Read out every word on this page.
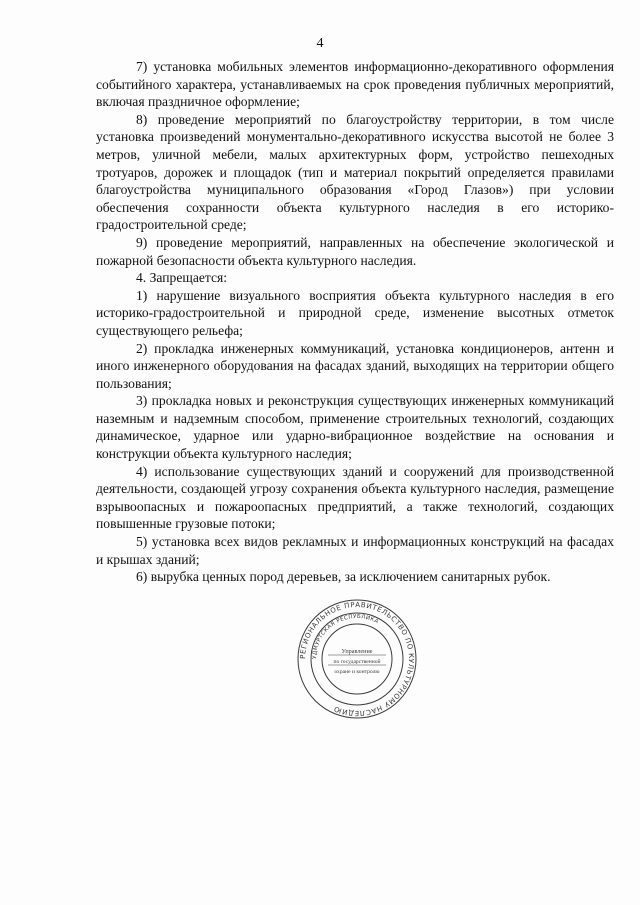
4

7) установка мобильных элементов информационно-декоративного оформления событийного характера, устанавливаемых на срок проведения публичных мероприятий, включая праздничное оформление;

8) проведение мероприятий по благоустройству территории, в том числе установка произведений монументально-декоративного искусства высотой не более 3 метров, уличной мебели, малых архитектурных форм, устройство пешеходных тротуаров, дорожек и площадок (тип и материал покрытий определяется правилами благоустройства муниципального образования «Город Глазов») при условии обеспечения сохранности объекта культурного наследия в его историко-градостроительной среде;

9) проведение мероприятий, направленных на обеспечение экологической и пожарной безопасности объекта культурного наследия.

4. Запрещается:

1) нарушение визуального восприятия объекта культурного наследия в его историко-градостроительной и природной среде, изменение высотных отметок существующего рельефа;

2) прокладка инженерных коммуникаций, установка кондиционеров, антенн и иного инженерного оборудования на фасадах зданий, выходящих на территории общего пользования;

3) прокладка новых и реконструкция существующих инженерных коммуникаций наземным и надземным способом, применение строительных технологий, создающих динамическое, ударное или ударно-вибрационное воздействие на основания и конструкции объекта культурного наследия;

4) использование существующих зданий и сооружений для производственной деятельности, создающей угрозу сохранения объекта культурного наследия, размещение взрывоопасных и пожароопасных предприятий, а также технологий, создающих повышенные грузовые потоки;

5) установка всех видов рекламных и информационных конструкций на фасадах и крышах зданий;

6) вырубка ценных пород деревьев, за исключением санитарных рубок.

РЕГИОНАЛЬНОЕ ПРАВИТЕЛЬСТВО ПО КУЛЬТУРНОМУ НАСЛЕДИЮ
УДМУРТСКАЯ РЕСПУБЛИКА
Управление
по государственной
охране и контролю
